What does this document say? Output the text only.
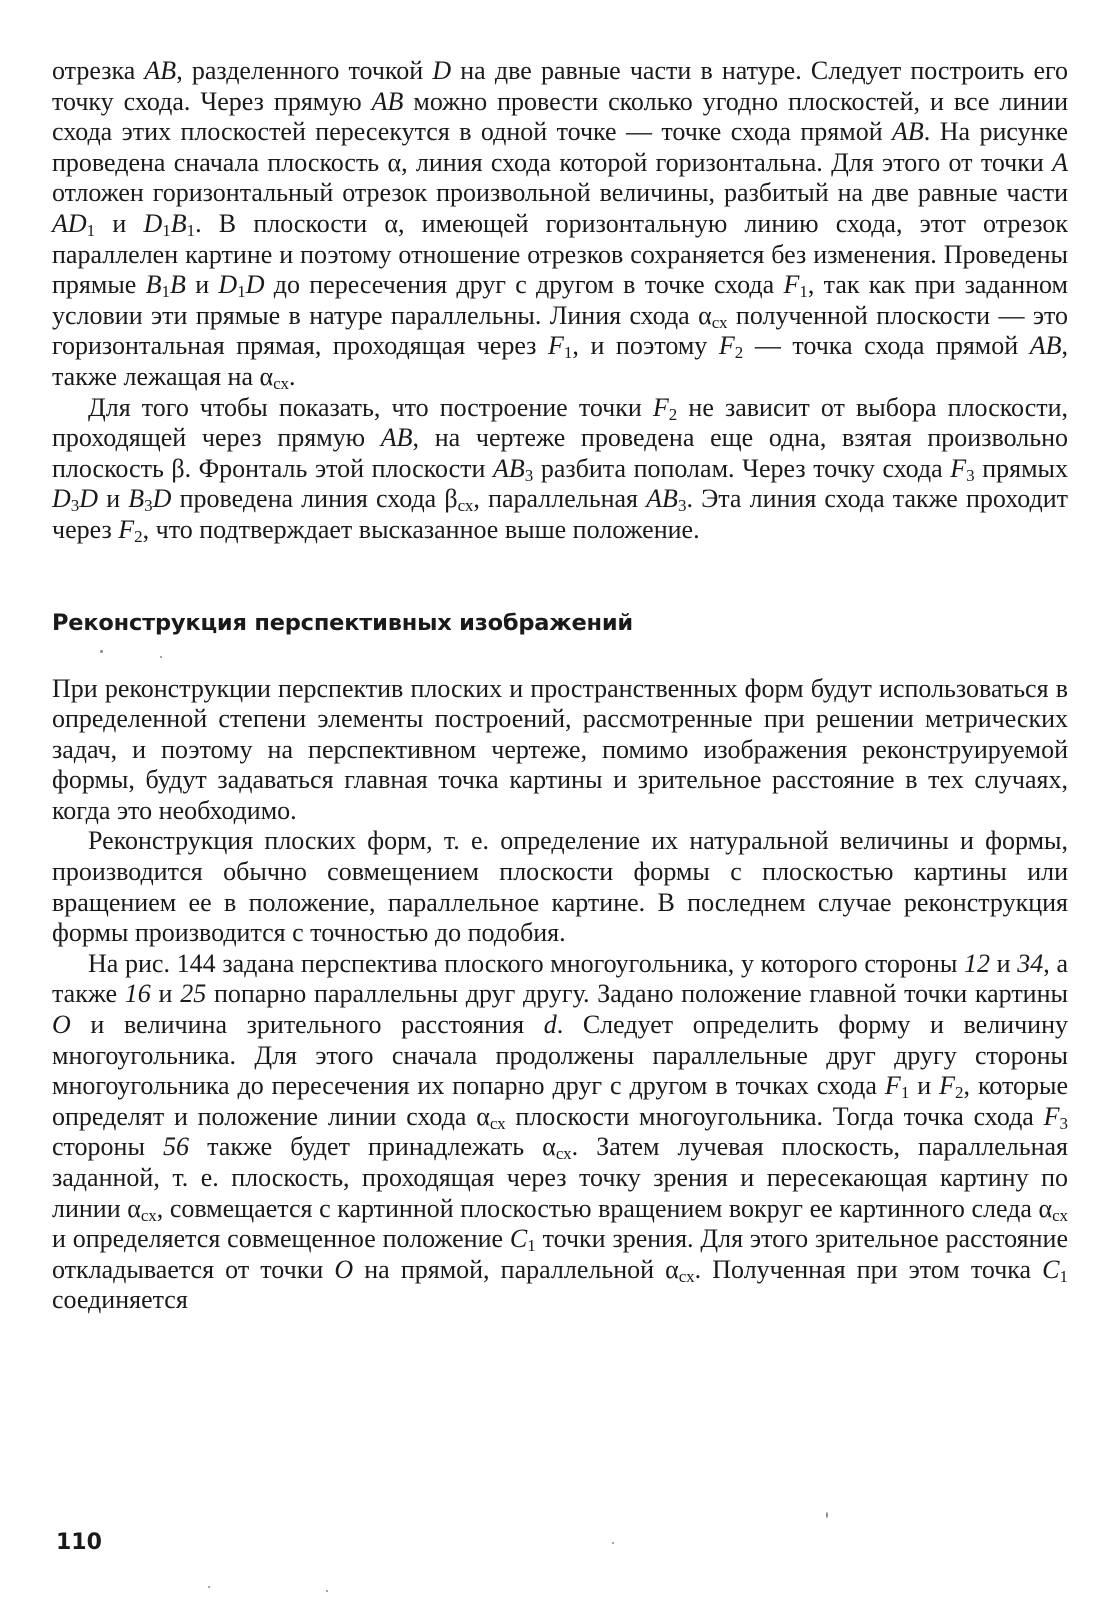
отрезка AB, разделенного точкой D на две равные части в натуре. Следует построить его точку схода. Через прямую AB можно провести сколько угодно плоскостей, и все линии схода этих плоскостей пересекутся в одной точке — точке схода прямой AB. На рисунке проведена сначала плоскость α, линия схода которой горизонтальна. Для этого от точки A отложен горизонтальный отрезок произвольной величины, разбитый на две равные части $AD_1$ и $D_1B_1$. В плоскости α, имеющей горизонтальную линию схода, этот отрезок параллелен картине и поэтому отношение отрезков сохраняется без изменения. Проведены прямые $B_1B$ и $D_1D$ до пересечения друг с другом в точке схода $F_1$, так как при заданном условии эти прямые в натуре параллельны. Линия схода $\alpha_{сх}$ полученной плоскости — это горизонтальная прямая, проходящая через $F_1$, и поэтому $F_2$ — точка схода прямой AB, также лежащая на $\alpha_{сх}$.

Для того чтобы показать, что построение точки $F_2$ не зависит от выбора плоскости, проходящей через прямую AB, на чертеже проведена еще одна, взятая произвольно плоскость β. Фронталь этой плоскости $AB_3$ разбита пополам. Через точку схода $F_3$ прямых $D_3D$ и $B_3D$ проведена линия схода $\beta_{сх}$, параллельная $AB_3$. Эта линия схода также проходит через $F_2$, что подтверждает высказанное выше положение.

Реконструкция перспективных изображений

При реконструкции перспектив плоских и пространственных форм будут использоваться в определенной степени элементы построений, рассмотренные при решении метрических задач, и поэтому на перспективном чертеже, помимо изображения реконструируемой формы, будут задаваться главная точка картины и зрительное расстояние в тех случаях, когда это необходимо.

Реконструкция плоских форм, т. е. определение их натуральной величины и формы, производится обычно совмещением плоскости формы с плоскостью картины или вращением ее в положение, параллельное картине. В последнем случае реконструкция формы производится с точностью до подобия.

На рис. 144 задана перспектива плоского многоугольника, у которого стороны 12 и 34, а также 16 и 25 попарно параллельны друг другу. Задано положение главной точки картины O и величина зрительного расстояния d. Следует определить форму и величину многоугольника. Для этого сначала продолжены параллельные друг другу стороны многоугольника до пересечения их попарно друг с другом в точках схода $F_1$ и $F_2$, которые определят и положение линии схода $\alpha_{сх}$ плоскости многоугольника. Тогда точка схода $F_3$ стороны 56 также будет принадлежать $\alpha_{сх}$. Затем лучевая плоскость, параллельная заданной, т. е. плоскость, проходящая через точку зрения и пересекающая картину по линии $\alpha_{сх}$, совмещается с картинной плоскостью вращением вокруг ее картинного следа $\alpha_{сх}$ и определяется совмещенное положение $C_1$ точки зрения. Для этого зрительное расстояние откладывается от точки O на прямой, параллельной $\alpha_{сх}$. Полученная при этом точка $C_1$ соединяется

110
